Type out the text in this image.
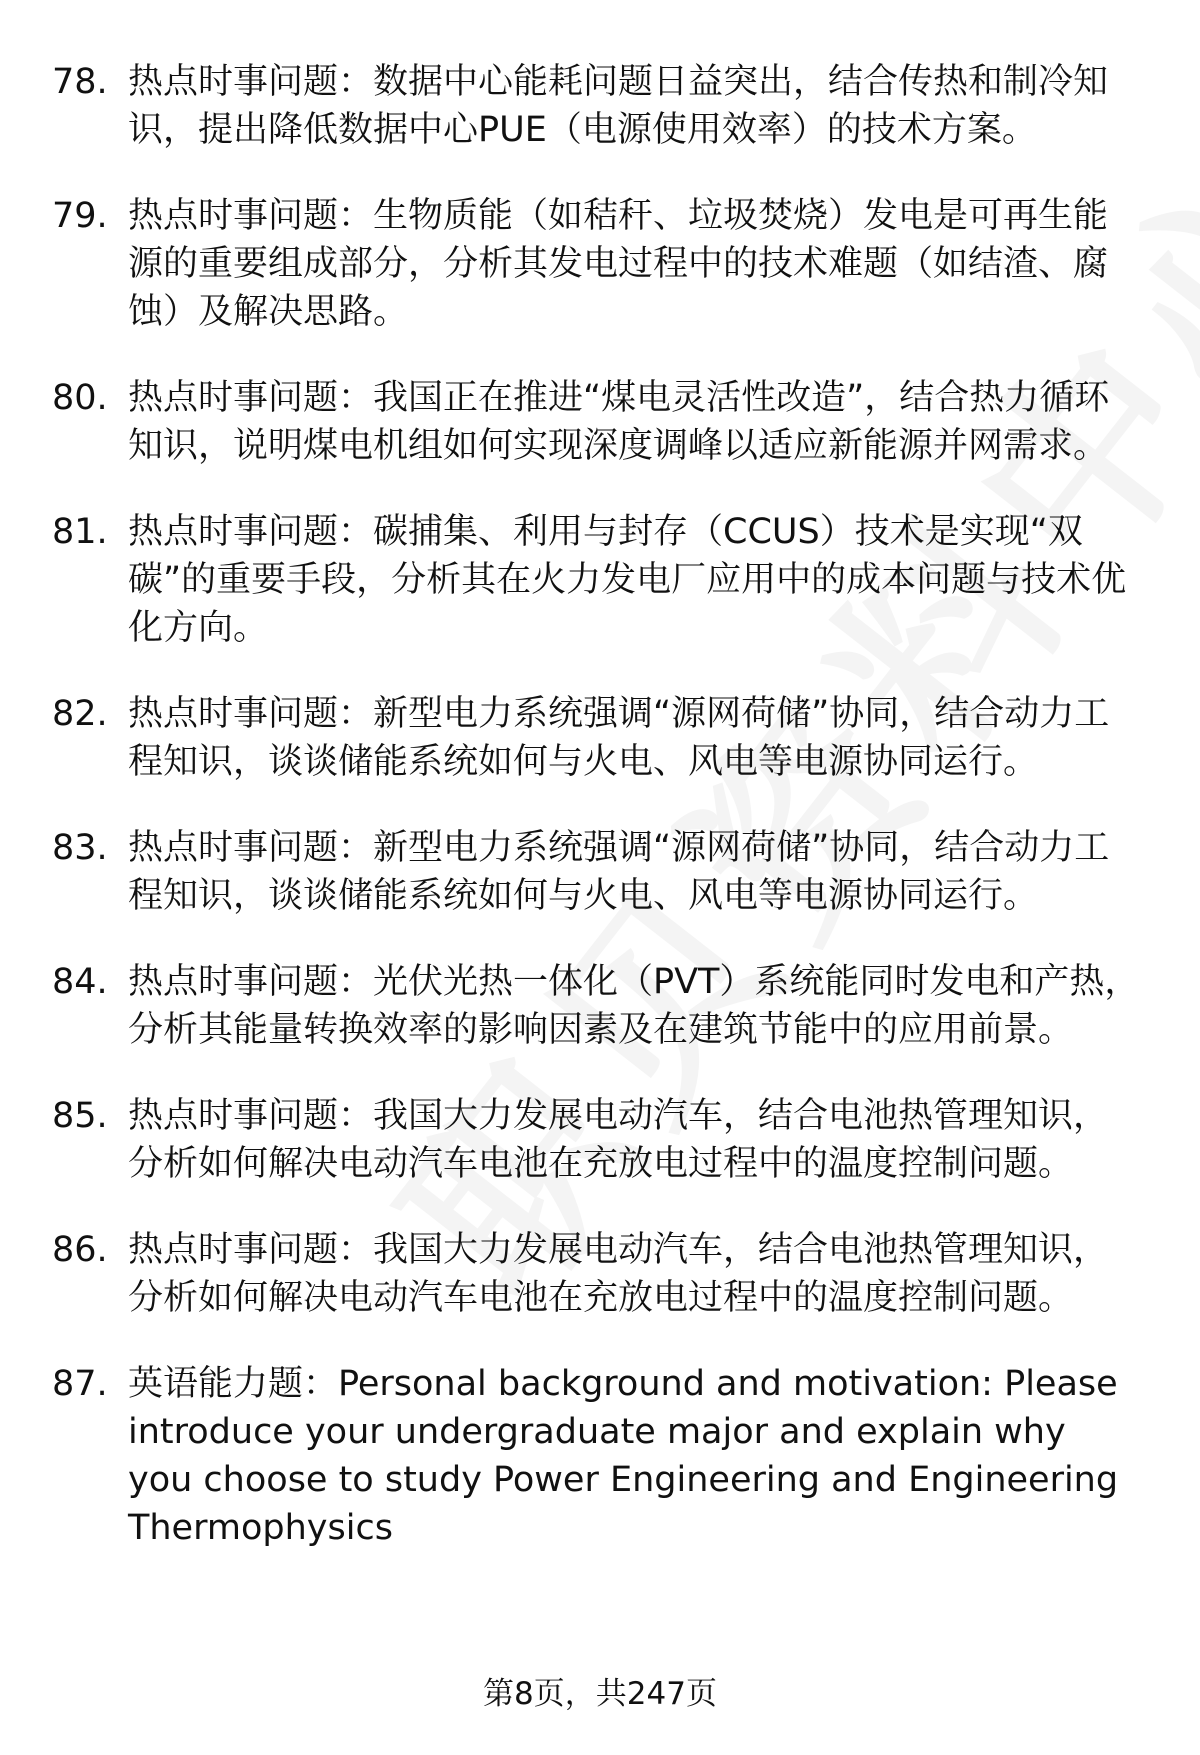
78. 热点时事问题：数据中心能耗问题日益突出，结合传热和制冷知识，提出降低数据中心PUE（电源使用效率）的技术方案。
79. 热点时事问题：生物质能（如秸秆、垃圾焚烧）发电是可再生能源的重要组成部分，分析其发电过程中的技术难题（如结渣、腐蚀）及解决思路。
80. 热点时事问题：我国正在推进“煤电灵活性改造”，结合热力循环知识，说明煤电机组如何实现深度调峰以适应新能源并网需求。
81. 热点时事问题：碳捕集、利用与封存（CCUS）技术是实现“双碳”的重要手段，分析其在火力发电厂应用中的成本问题与技术优化方向。
82. 热点时事问题：新型电力系统强调“源网荷储”协同，结合动力工程知识，谈谈储能系统如何与火电、风电等电源协同运行。
83. 热点时事问题：新型电力系统强调“源网荷储”协同，结合动力工程知识，谈谈储能系统如何与火电、风电等电源协同运行。
84. 热点时事问题：光伏光热一体化（PVT）系统能同时发电和产热，分析其能量转换效率的影响因素及在建筑节能中的应用前景。
85. 热点时事问题：我国大力发展电动汽车，结合电池热管理知识，分析如何解决电动汽车电池在充放电过程中的温度控制问题。
86. 热点时事问题：我国大力发展电动汽车，结合电池热管理知识，分析如何解决电动汽车电池在充放电过程中的温度控制问题。
87. 英语能力题：Personal background and motivation: Please introduce your undergraduate major and explain why you choose to study Power Engineering and Engineering Thermophysics
第8页，共247页
